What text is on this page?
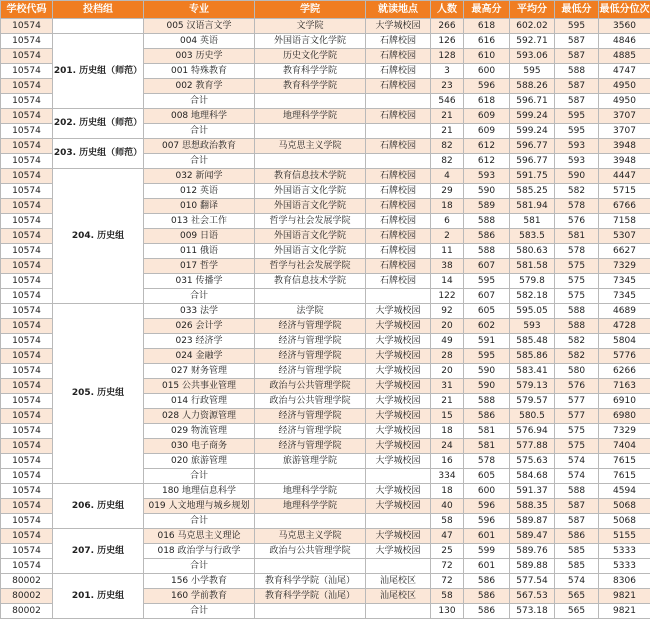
学校代码	投档组	专业	学院	就读地点	人数	最高分	平均分	最低分	最低分位次
10574		005 汉语言文学	文学院	大学城校园	266	618	602.02	595	3560
10574	201. 历史组（师范）	004 英语	外国语言文化学院	石牌校园	126	616	592.71	587	4846
10574		003 历史学	历史文化学院	石牌校园	128	610	593.06	587	4885
10574		001 特殊教育	教育科学学院	石牌校园	3	600	595	588	4747
10574		002 教育学	教育科学学院	石牌校园	23	596	588.26	587	4950
10574		合计			546	618	596.71	587	4950
10574	202. 历史组（师范）	008 地理科学	地理科学学院	石牌校园	21	609	599.24	595	3707
10574		合计			21	609	599.24	595	3707
10574	203. 历史组（师范）	007 思想政治教育	马克思主义学院	石牌校园	82	612	596.77	593	3948
10574		合计			82	612	596.77	593	3948
10574	204. 历史组	032 新闻学	教育信息技术学院	石牌校园	4	593	591.75	590	4447
10574		012 英语	外国语言文化学院	石牌校园	29	590	585.25	582	5715
10574		010 翻译	外国语言文化学院	石牌校园	18	589	581.94	578	6766
10574		013 社会工作	哲学与社会发展学院	石牌校园	6	588	581	576	7158
10574		009 日语	外国语言文化学院	石牌校园	2	586	583.5	581	5307
10574		011 俄语	外国语言文化学院	石牌校园	11	588	580.63	578	6627
10574		017 哲学	哲学与社会发展学院	石牌校园	38	607	581.58	575	7329
10574		031 传播学	教育信息技术学院	石牌校园	14	595	579.8	575	7345
10574		合计			122	607	582.18	575	7345
10574	205. 历史组	033 法学	法学院	大学城校园	92	605	595.05	588	4689
10574		026 会计学	经济与管理学院	大学城校园	20	602	593	588	4728
10574		023 经济学	经济与管理学院	大学城校园	49	591	585.48	582	5804
10574		024 金融学	经济与管理学院	大学城校园	28	595	585.86	582	5776
10574		027 财务管理	经济与管理学院	大学城校园	20	590	583.41	580	6266
10574		015 公共事业管理	政治与公共管理学院	大学城校园	31	590	579.13	576	7163
10574		014 行政管理	政治与公共管理学院	大学城校园	21	588	579.57	577	6910
10574		028 人力资源管理	经济与管理学院	大学城校园	15	586	580.5	577	6980
10574		029 物流管理	经济与管理学院	大学城校园	18	581	576.94	575	7329
10574		030 电子商务	经济与管理学院	大学城校园	24	581	577.88	575	7404
10574		020 旅游管理	旅游管理学院	大学城校园	16	578	575.63	574	7615
10574		合计			334	605	584.68	574	7615
10574	206. 历史组	180 地理信息科学	地理科学学院	大学城校园	18	600	591.37	588	4594
10574		019 人文地理与城乡规划	地理科学学院	大学城校园	40	596	588.35	587	5068
10574		合计			58	596	589.87	587	5068
10574	207. 历史组	016 马克思主义理论	马克思主义学院	大学城校园	47	601	589.47	586	5155
10574		018 政治学与行政学	政治与公共管理学院	大学城校园	25	599	589.76	585	5333
10574		合计			72	601	589.88	585	5333
80002	201. 历史组	156 小学教育	教育科学学院（汕尾）	汕尾校区	72	586	577.54	574	8306
80002		160 学前教育	教育科学学院（汕尾）	汕尾校区	58	586	567.53	565	9821
80002		合计			130	586	573.18	565	9821
